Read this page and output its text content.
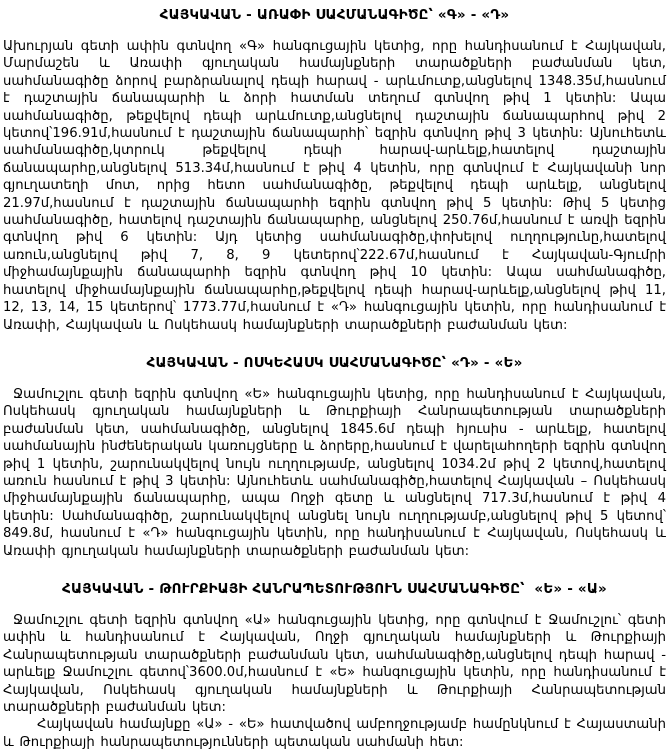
ՀԱՅԿԱՎԱՆ - ԱՌԱՓԻ ՍԱՀՄԱՆԱԳԻԾԸ՝ «Գ» - «Դ»

Ախուրյան գետի ափին գտնվող «Գ» հանգուցային կետից, որը հանդիսանում է Հայկավան, Մարմաշեն և Առափի գյուղական համայնքների տարածքների բաժանման կետ, սահմանագիծը ձորով բարձրանալով դեպի հարավ - արևմուտք,անցնելով 1348.35մ,հասնում է դաշտային ճանապարհի և ձորի հատման տեղում գտնվող թիվ 1 կետին: Ապա սահմանագիծը, թեքվելով դեպի արևմուտք,անցնելով դաշտային ճանապարհով թիվ 2 կետով՝196.91մ,հասնում է դաշտային ճանապարհի՝ եզրին գտնվող թիվ 3 կետին: Այնուհետև սահմանագիծը,կտրուկ թեքվելով դեպի հարավ-արևելք,հատելով դաշտային ճանապարհը,անցնելով 513.34մ,հասնում է թիվ 4 կետին, որը գտնվում է Հայկավանի նոր գյուղատեղի մոտ, որից հետո սահմանագիծը, թեքվելով դեպի արևելք, անցնելով 21.97մ,հասնում է դաշտային ճանապարհի եզրին գտնվող թիվ 5 կետին: Թիվ 5 կետից սահմանագիծը, հատելով դաշտային ճանապարհը, անցնելով 250.76մ,հասնում է առվի եզրին գտնվող թիվ 6 կետին: Այդ կետից սահմանագիծը,փոխելով ուղղությունը,հատելով առուն,անցնելով թիվ 7, 8, 9 կետերով՝222.67մ,հասնում է Հայկավան-Գյումրի միջհամայնքային ճանապարհի եզրին գտնվող թիվ 10 կետին: Ապա սահմանագիծը, հատելով միջհամայնքային ճանապարհը,թեքվելով դեպի հարավ-արևելք,անցնելով թիվ 11, 12, 13, 14, 15 կետերով՝ 1773.77մ,հասնում է «Դ» հանգուցային կետին, որը հանդիսանում է Առափի, Հայկավան և Ոսկեհասկ համայնքների տարածքների բաժանման կետ:

ՀԱՅԿԱՎԱՆ - ՈՍԿԵՀԱՍԿ ՍԱՀՄԱՆԱԳԻԾԸ՝ «Դ» - «Ե»

Ջամուշլու գետի եզրին գտնվող «Ե» հանգուցային կետից, որը հանդիսանում է Հայկավան, Ոսկեհասկ գյուղական համայնքների և Թուրքիայի Հանրապետության տարածքների բաժանման կետ, սահմանագիծը, անցնելով 1845.6մ դեպի հյուսիս - արևելք, հատելով սահմանային ինժեներական կառույցները և ձորերը,հասնում է վարելահողերի եզրին գտնվող թիվ 1 կետին, շարունակվելով նույն ուղղությամբ, անցնելով 1034.2մ թիվ 2 կետով,հատելով առուն հասնում է թիվ 3 կետին: Այնուհետև սահմանագիծը,հատելով Հայկավան – Ոսկեհասկ միջհամայնքային ճանապարհը, ապա Ողջի գետը և անցնելով 717.3մ,հասնում է թիվ 4 կետին: Սահմանագիծը, շարունակվելով անցնել նույն ուղղությամբ,անցնելով թիվ 5 կետով՝ 849.8մ, հասնում է «Դ» հանգուցային կետին, որը հանդիսանում է Հայկավան, Ոսկեհասկ և Առափի գյուղական համայնքների տարածքների բաժանման կետ:

ՀԱՅԿԱՎԱՆ - ԹՈՒՐՔԻԱՅԻ ՀԱՆՐԱՊԵՏՈՒԹՅՈՒՆ ՍԱՀՄԱՆԱԳԻԾԸ՝  «Ե» - «Ա»

Ջամուշլու գետի եզրին գտնվող «Ա» հանգուցային կետից, որը գտնվում է Ջամուշլու՝ գետի ափին և հանդիսանում է Հայկավան, Ողջի գյուղական համայնքների և Թուրքիայի Հանրապետության տարածքների բաժանման կետ, սահմանագիծը,անցնելով դեպի հարավ - արևելք Ջամուշլու գետով՝3600.0մ,հասնում է «Ե» հանգուցային կետին, որը հանդիսանում է Հայկավան, Ոսկեհասկ գյուղական համայնքների և Թուրքիայի Հանրապետության տարածքների բաժանման կետ:

Հայկավան համայնքը «Ա» - «Ե» հատվածով ամբողջությամբ համընկնում է Հայաստանի և Թուրքիայի հանրապետությունների պետական սահմանի հետ:
